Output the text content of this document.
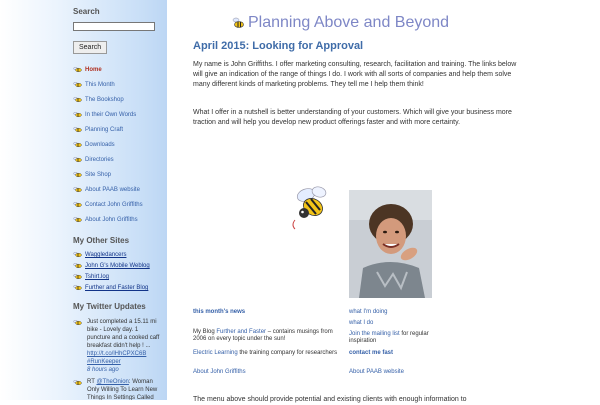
Search
Search
Home
This Month
The Bookshop
In their Own Words
Planning Craft
Downloads
Directories
Site Shop
About PAAB website
Contact John Griffiths
About John Griffiths
My Other Sites
Waggledancers
John G's Mobile Weblog
Tshirt.log
Further and Faster Blog
My Twitter Updates
Just completed a 15.11 mi bike - Lovely day. 1 puncture and a cooked caff breakfast didn't help ! ... http://t.co/lHhCPXC6B #RunKeeper
8 hours ago
RT @TheOnion: Woman Only Willing To Learn New Things In Settings Called
Planning Above and Beyond
April 2015: Looking for Approval
My name is John Griffiths. I offer marketing consulting, research, facilitation and training. The links below will give an indication of the range of things I do. I work with all sorts of companies and help them solve many different kinds of marketing problems. They tell me I help them think!
What I offer in a nutshell is better understanding of your customers. Which will give your business more traction and will help you develop new product offerings faster and with more certainty.
this month's news
My Blog Further and Faster – contains musings from 2006 on every topic under the sun!
Electric Learning the training company for researchers
About John Griffiths
what I'm doing
what I do
Join the mailing list for regular inspiration
contact me fast
About PAAB website
The menu above should provide potential and existing clients with enough information to
